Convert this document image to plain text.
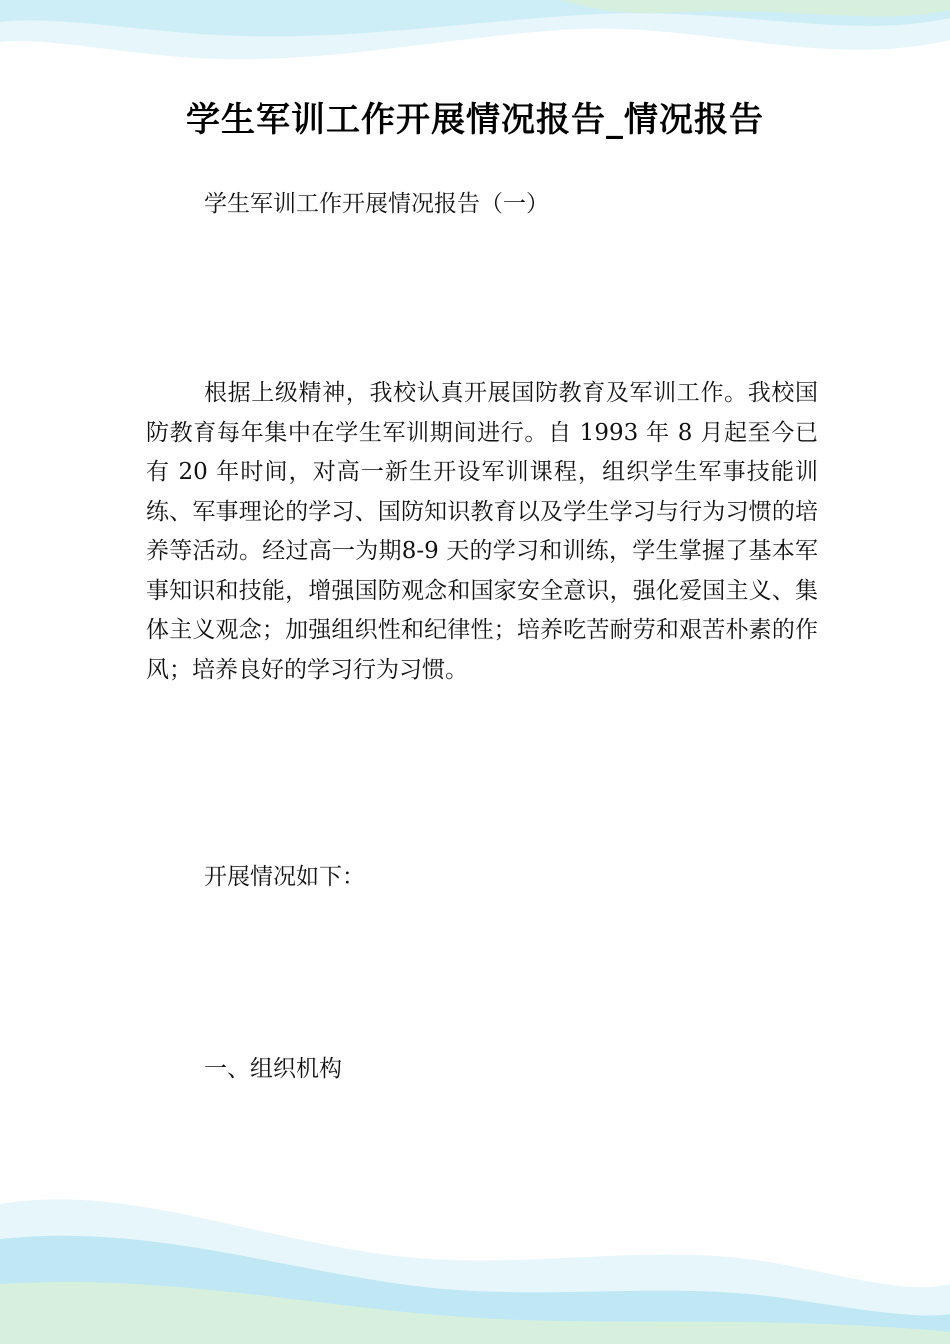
学生军训工作开展情况报告_情况报告

学生军训工作开展情况报告（一）

根据上级精神，我校认真开展国防教育及军训工作。我校国防教育每年集中在学生军训期间进行。自 1993 年 8 月起至今已有 20 年时间，对高一新生开设军训课程，组织学生军事技能训练、军事理论的学习、国防知识教育以及学生学习与行为习惯的培养等活动。经过高一为期8-9 天的学习和训练，学生掌握了基本军事知识和技能，增强国防观念和国家安全意识，强化爱国主义、集体主义观念；加强组织性和纪律性；培养吃苦耐劳和艰苦朴素的作风；培养良好的学习行为习惯。

开展情况如下：

一、组织机构
